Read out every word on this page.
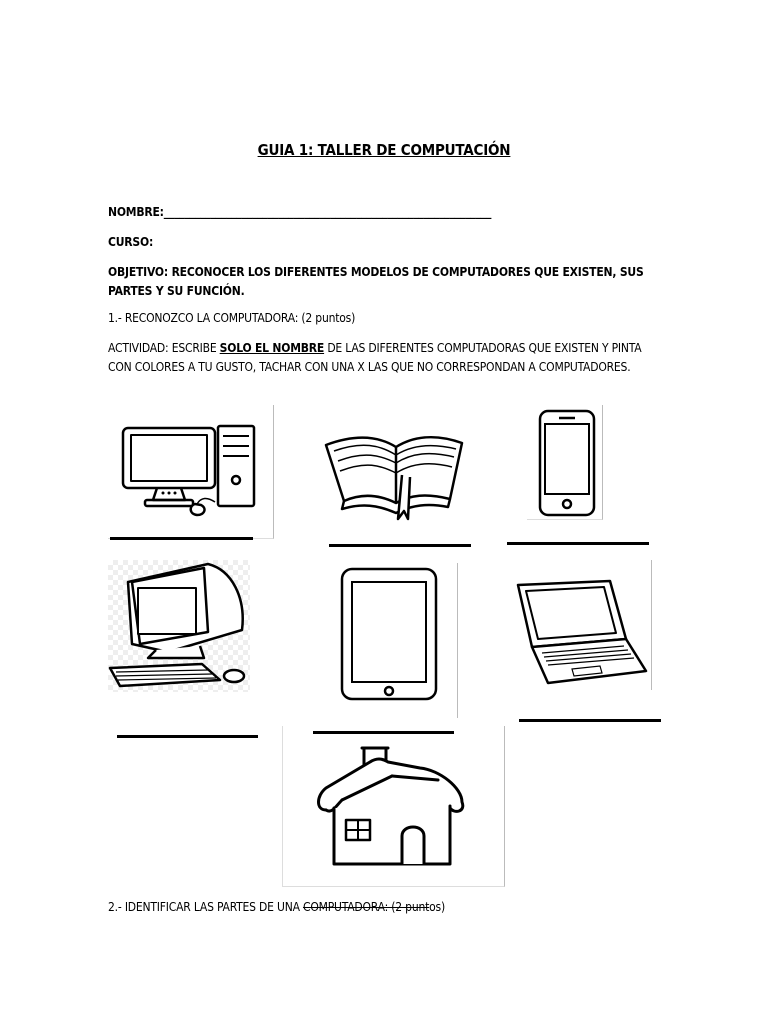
GUIA 1: TALLER DE COMPUTACIÓN
NOMBRE:_______________________________________________________________
CURSO:
OBJETIVO: RECONOCER LOS DIFERENTES MODELOS DE COMPUTADORES QUE EXISTEN, SUS PARTES Y SU FUNCIÓN.
1.- RECONOZCO LA COMPUTADORA: (2 puntos)
ACTIVIDAD: ESCRIBE SOLO EL NOMBRE DE LAS DIFERENTES COMPUTADORAS QUE EXISTEN Y PINTA CON COLORES A TU GUSTO, TACHAR CON UNA X LAS QUE NO CORRESPONDAN A COMPUTADORES.
2.- IDENTIFICAR LAS PARTES DE UNA COMPUTADORA: (2 puntos)
